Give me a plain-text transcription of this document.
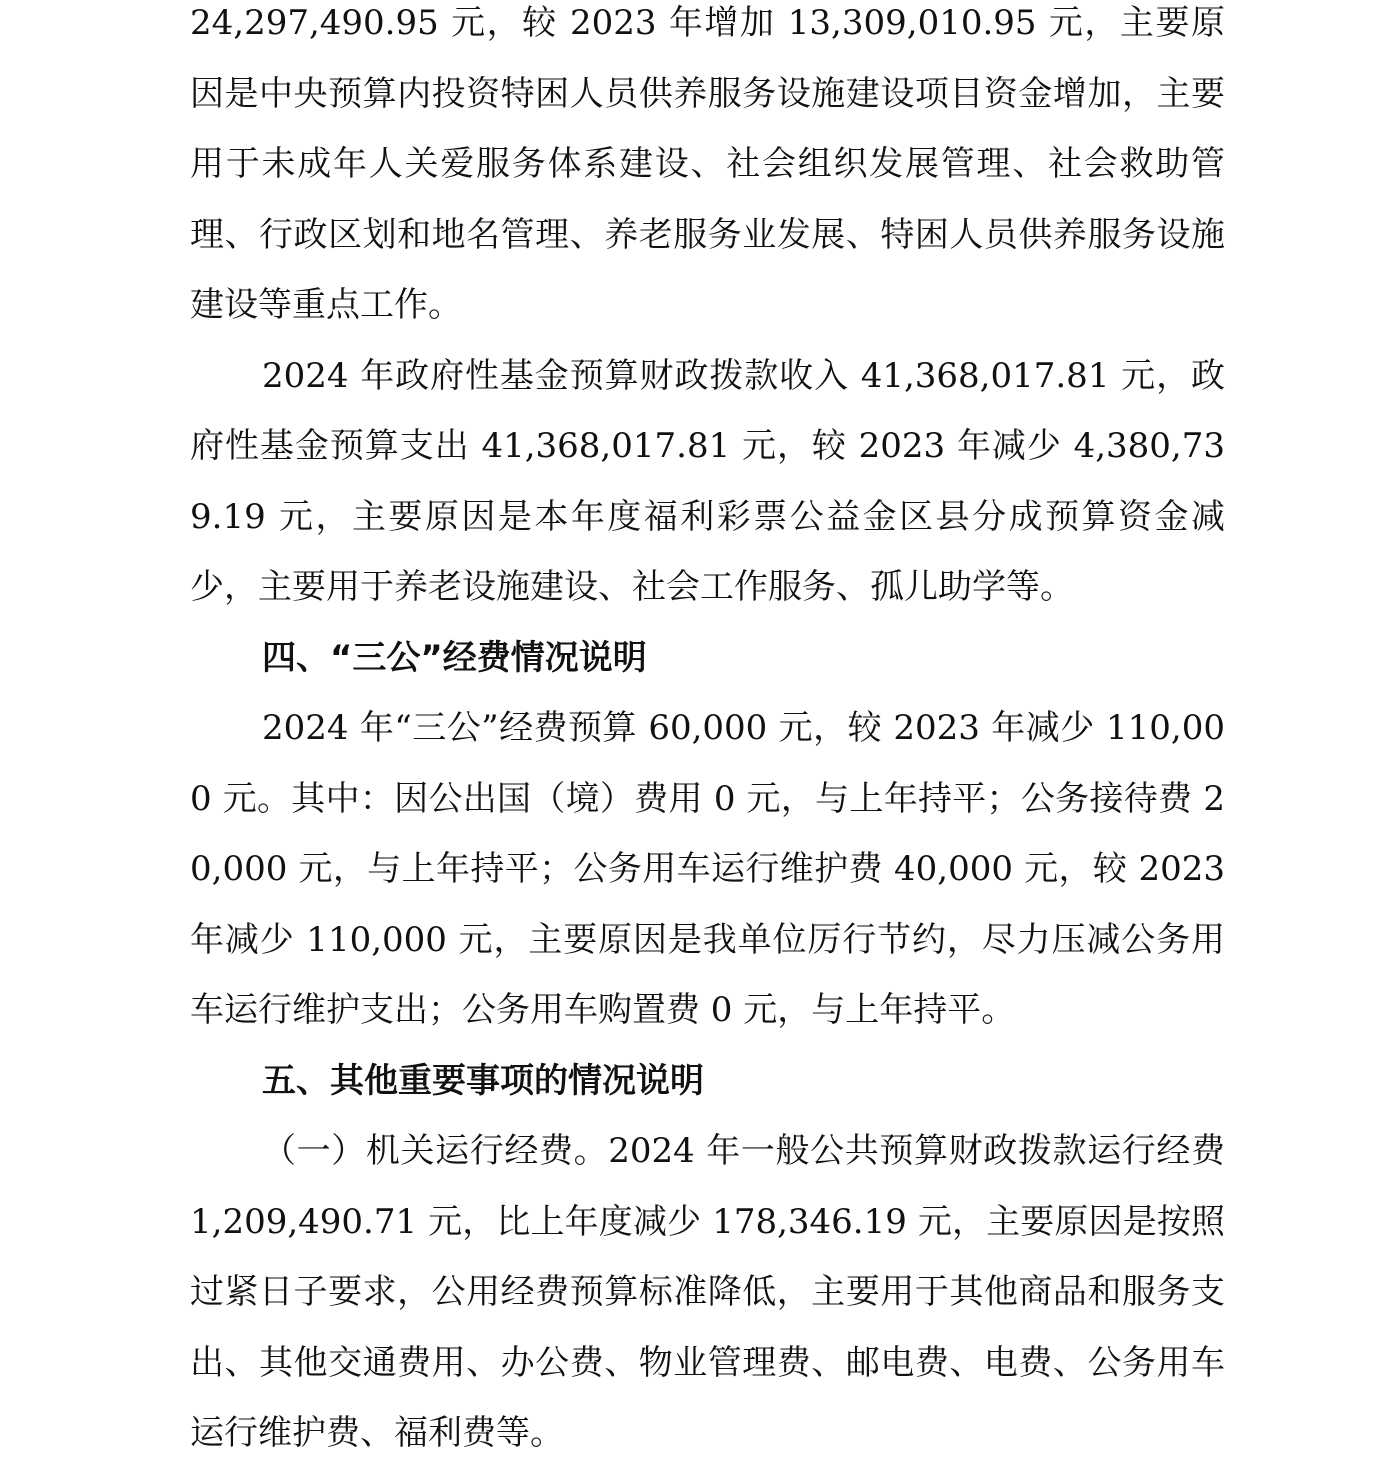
24,297,490.95 元，较 2023 年增加 13,309,010.95 元，主要原因是中央预算内投资特困人员供养服务设施建设项目资金增加，主要用于未成年人关爱服务体系建设、社会组织发展管理、社会救助管理、行政区划和地名管理、养老服务业发展、特困人员供养服务设施建设等重点工作。

2024 年政府性基金预算财政拨款收入 41,368,017.81 元，政府性基金预算支出 41,368,017.81 元，较 2023 年减少 4,380,739.19 元，主要原因是本年度福利彩票公益金区县分成预算资金减少，主要用于养老设施建设、社会工作服务、孤儿助学等。

四、“三公”经费情况说明

2024 年“三公”经费预算 60,000 元，较 2023 年减少 110,000 元。其中：因公出国（境）费用 0 元，与上年持平；公务接待费 20,000 元，与上年持平；公务用车运行维护费 40,000 元，较 2023 年减少 110,000 元，主要原因是我单位厉行节约，尽力压减公务用车运行维护支出；公务用车购置费 0 元，与上年持平。

五、其他重要事项的情况说明

（一）机关运行经费。2024 年一般公共预算财政拨款运行经费 1,209,490.71 元，比上年度减少 178,346.19 元，主要原因是按照过紧日子要求，公用经费预算标准降低，主要用于其他商品和服务支出、其他交通费用、办公费、物业管理费、邮电费、电费、公务用车运行维护费、福利费等。
